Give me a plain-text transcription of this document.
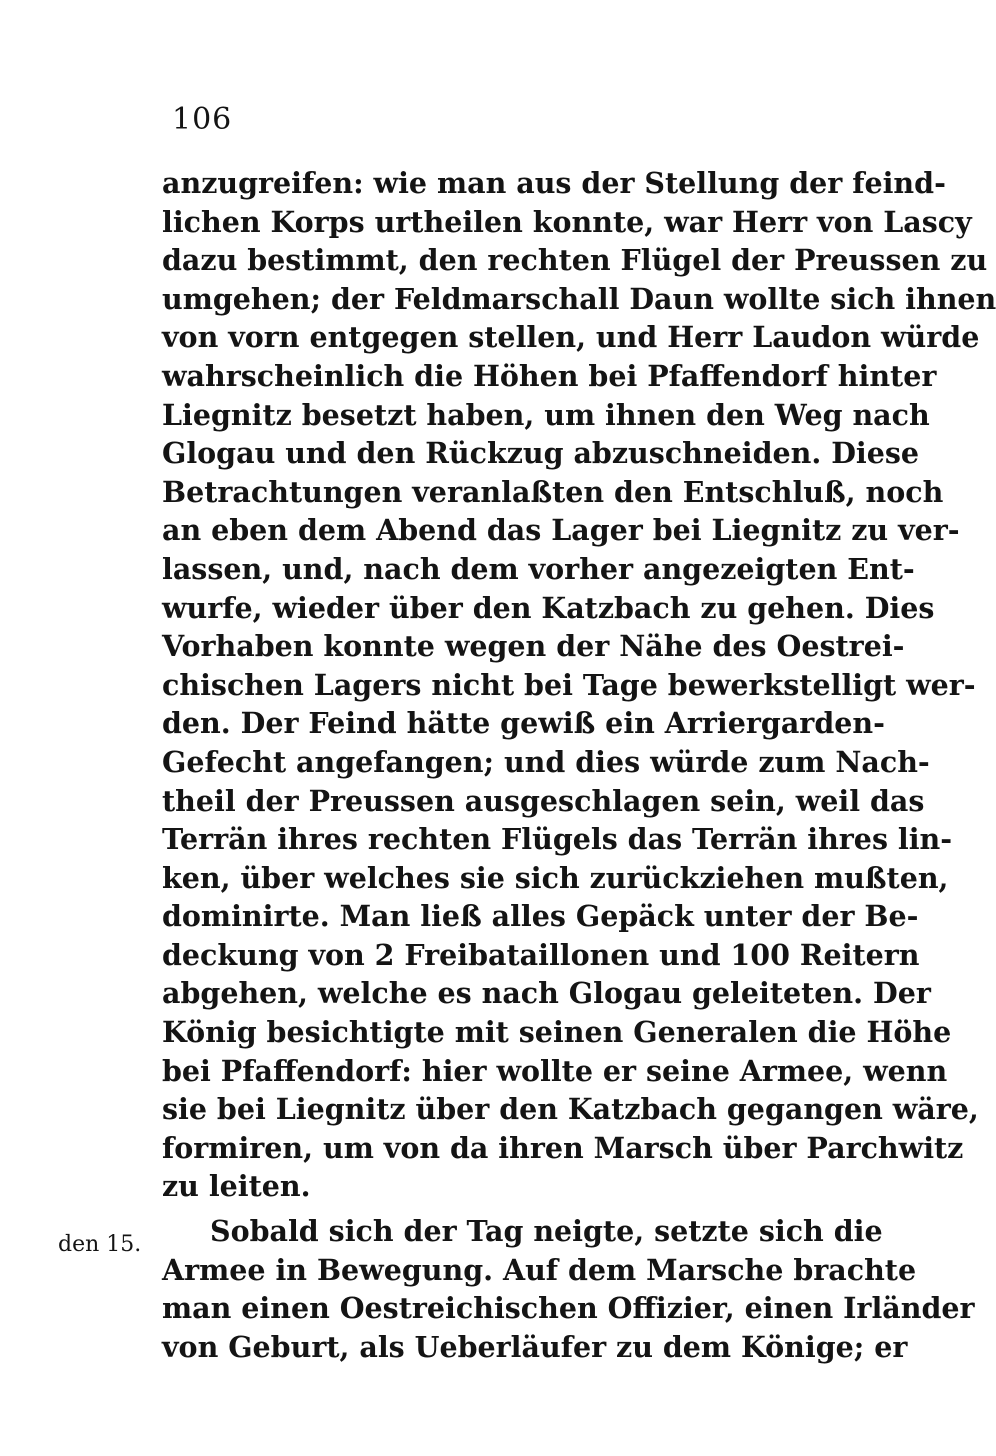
106
den 15.
anzugreifen: wie man aus der Stellung der feind-
lichen Korps urtheilen konnte, war Herr von Lascy
dazu bestimmt, den rechten Flügel der Preussen zu
umgehen; der Feldmarschall Daun wollte sich ihnen
von vorn entgegen stellen, und Herr Laudon würde
wahrscheinlich die Höhen bei Pfaffendorf hinter
Liegnitz besetzt haben, um ihnen den Weg nach
Glogau und den Rückzug abzuschneiden. Diese
Betrachtungen veranlaßten den Entschluß, noch
an eben dem Abend das Lager bei Liegnitz zu ver-
lassen, und, nach dem vorher angezeigten Ent-
wurfe, wieder über den Katzbach zu gehen. Dies
Vorhaben konnte wegen der Nähe des Oestrei-
chischen Lagers nicht bei Tage bewerkstelligt wer-
den. Der Feind hätte gewiß ein Arriergarden-
Gefecht angefangen; und dies würde zum Nach-
theil der Preussen ausgeschlagen sein, weil das
Terrän ihres rechten Flügels das Terrän ihres lin-
ken, über welches sie sich zurückziehen mußten,
dominirte. Man ließ alles Gepäck unter der Be-
deckung von 2 Freibataillonen und 100 Reitern
abgehen, welche es nach Glogau geleiteten. Der
König besichtigte mit seinen Generalen die Höhe
bei Pfaffendorf: hier wollte er seine Armee, wenn
sie bei Liegnitz über den Katzbach gegangen wäre,
formiren, um von da ihren Marsch über Parchwitz
zu leiten.
Sobald sich der Tag neigte, setzte sich die
Armee in Bewegung. Auf dem Marsche brachte
man einen Oestreichischen Offizier, einen Irländer
von Geburt, als Ueberläufer zu dem Könige; er
